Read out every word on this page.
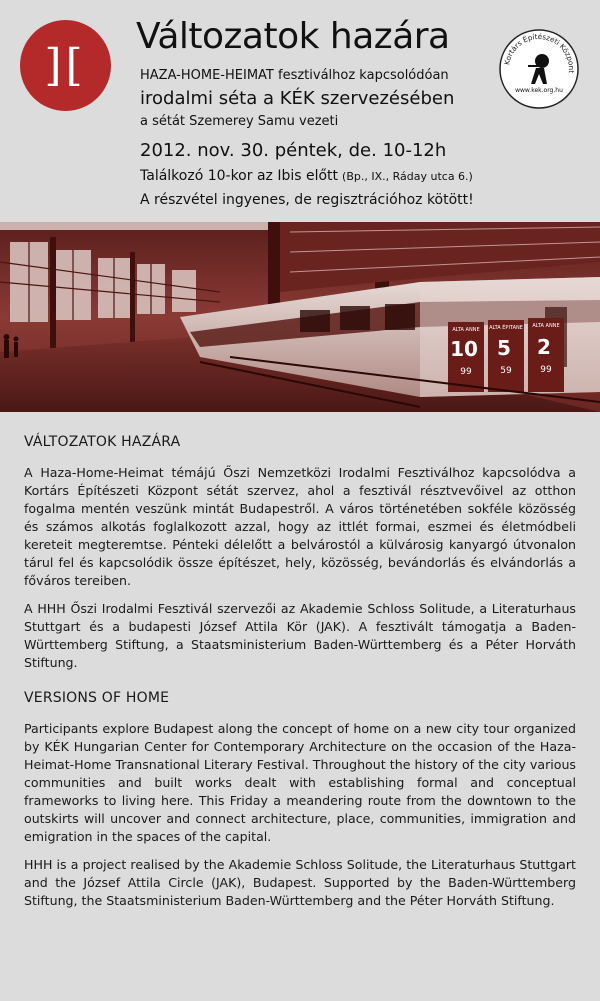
][
Változatok hazára
HAZA-HOME-HEIMAT fesztiválhoz kapcsolódóan
irodalmi séta a KÉK szervezésében
a sétát Szemerey Samu vezeti
2012. nov. 30. péntek, de. 10-12h
Találkozó 10-kor az Ibis előtt (Bp., IX., Ráday utca 6.)
A részvétel ingyenes, de regisztrációhoz kötött!
Kortárs Építészeti Központ
www.kek.org.hu
ALTA ANNE
10
99
ALTA ÉPITANE
5
59
ALTA ANNE
2
99
VÁLTOZATOK HAZÁRA

A Haza-Home-Heimat témájú Őszi Nemzetközi Irodalmi Fesztiválhoz kapcsolódva a Kortárs Építészeti Központ sétát szervez, ahol a fesztivál résztvevőivel az otthon fogalma mentén veszünk mintát Budapestről. A város történetében sokféle közösség és számos alkotás foglalkozott azzal, hogy az ittlét formai, eszmei és életmódbeli kereteit megteremtse. Pénteki délelőtt a belvárostól a külvárosig kanyargó útvonalon tárul fel és kapcsolódik össze építészet, hely, közösség, bevándorlás és elvándorlás a főváros tereiben.

A HHH Őszi Irodalmi Fesztivál szervezői az Akademie Schloss Solitude, a Literaturhaus Stuttgart és a budapesti József Attila Kör (JAK). A fesztivált támogatja a Baden-Württemberg Stiftung, a Staatsministerium Baden-Württemberg és a Péter Horváth Stiftung.

VERSIONS OF HOME

Participants explore Budapest along the concept of home on a new city tour organized by KÉK Hungarian Center for Contemporary Architecture on the occasion of the Haza-Heimat-Home Transnational Literary Festival. Throughout the history of the city various communities and built works dealt with establishing formal and conceptual frameworks to living here. This Friday a meandering route from the downtown to the outskirts will uncover and connect architecture, place, communities, immigration and emigration in the spaces of the capital.

HHH is a project realised by the Akademie Schloss Solitude, the Literaturhaus Stuttgart and the József Attila Circle (JAK), Budapest. Supported by the Baden-Württemberg Stiftung, the Staatsministerium Baden-Württemberg and the Péter Horváth Stiftung.
